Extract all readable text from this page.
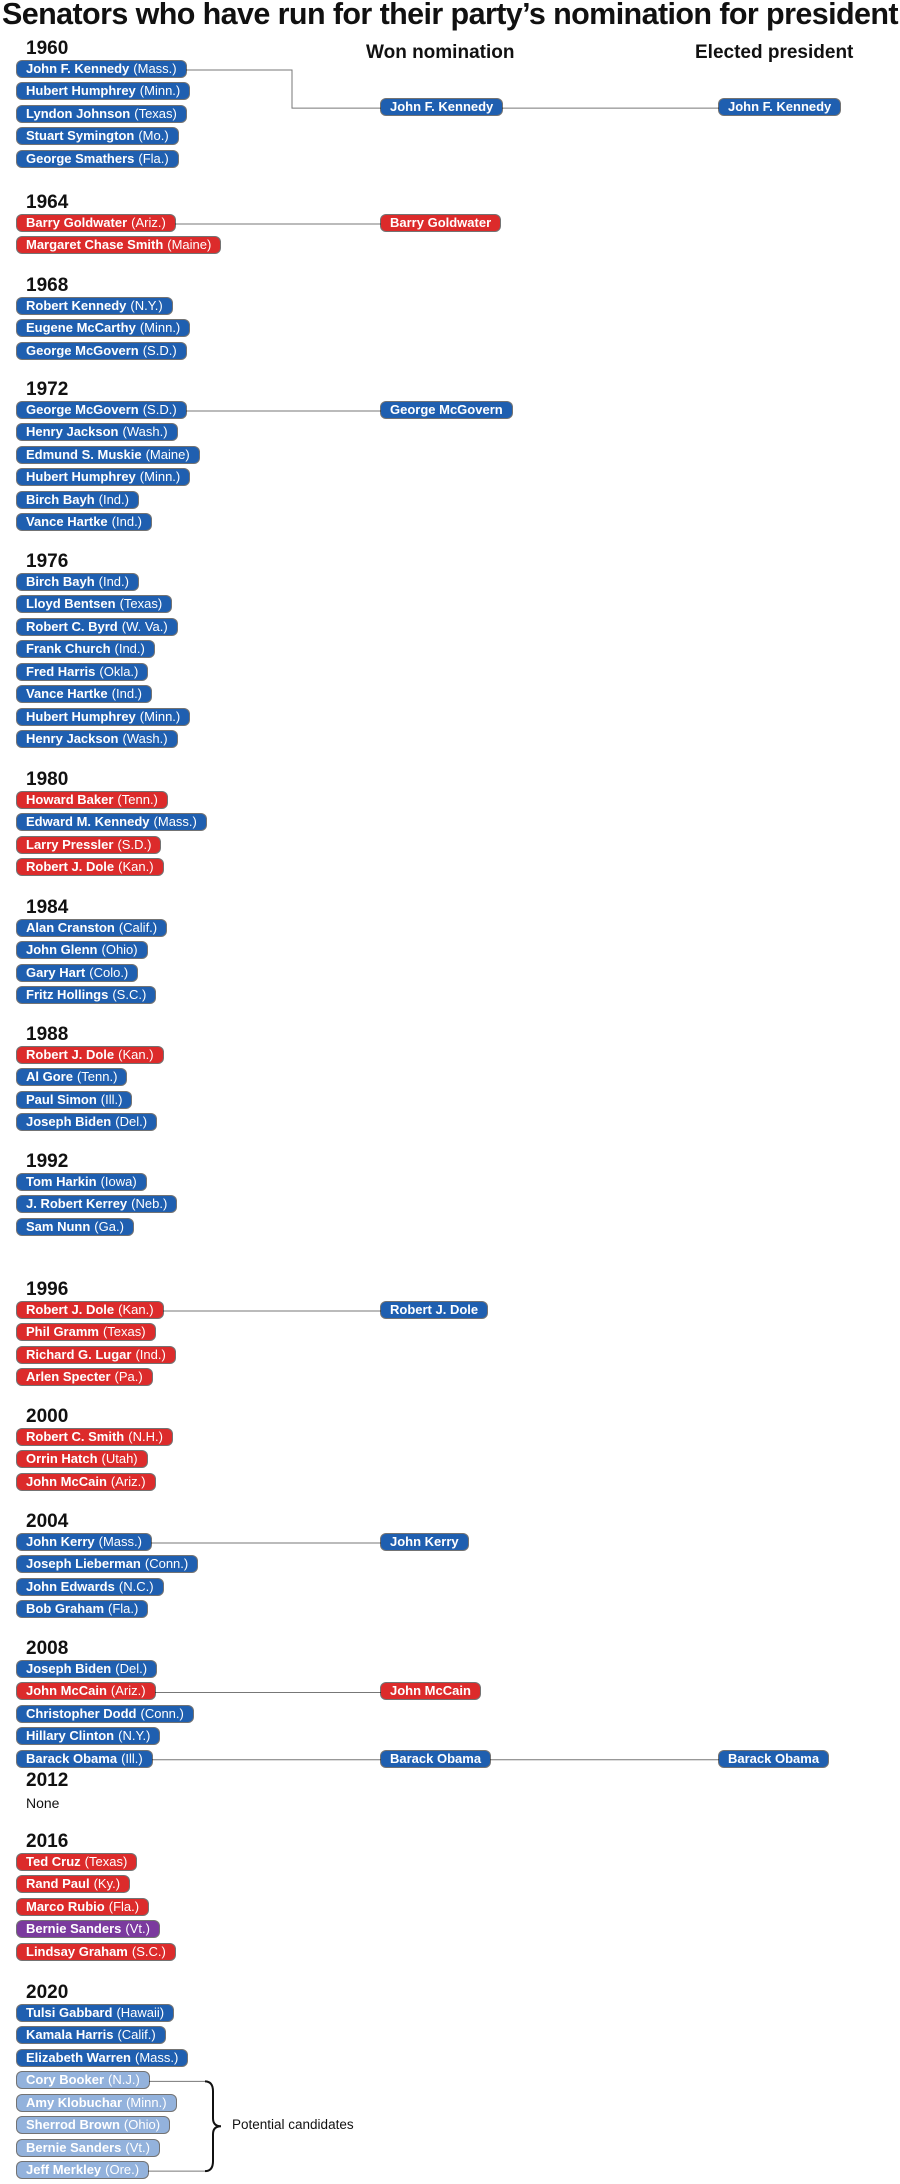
Senators who have run for their party’s nomination for president
Won nomination	Elected president
1960
John F. Kennedy (Mass.)
Hubert Humphrey (Minn.)
Lyndon Johnson (Texas)
Stuart Symington (Mo.)
George Smathers (Fla.)
John F. Kennedy	John F. Kennedy
1964
Barry Goldwater (Ariz.)
Margaret Chase Smith (Maine)
Barry Goldwater
1968
Robert Kennedy (N.Y.)
Eugene McCarthy (Minn.)
George McGovern (S.D.)
1972
George McGovern (S.D.)
Henry Jackson (Wash.)
Edmund S. Muskie (Maine)
Hubert Humphrey (Minn.)
Birch Bayh (Ind.)
Vance Hartke (Ind.)
George McGovern
1976
Birch Bayh (Ind.)
Lloyd Bentsen (Texas)
Robert C. Byrd (W. Va.)
Frank Church (Ind.)
Fred Harris (Okla.)
Vance Hartke (Ind.)
Hubert Humphrey (Minn.)
Henry Jackson (Wash.)
1980
Howard Baker (Tenn.)
Edward M. Kennedy (Mass.)
Larry Pressler (S.D.)
Robert J. Dole (Kan.)
1984
Alan Cranston (Calif.)
John Glenn (Ohio)
Gary Hart (Colo.)
Fritz Hollings (S.C.)
1988
Robert J. Dole (Kan.)
Al Gore (Tenn.)
Paul Simon (Ill.)
Joseph Biden (Del.)
1992
Tom Harkin (Iowa)
J. Robert Kerrey (Neb.)
Sam Nunn (Ga.)
1996
Robert J. Dole (Kan.)
Phil Gramm (Texas)
Richard G. Lugar (Ind.)
Arlen Specter (Pa.)
Robert J. Dole
2000
Robert C. Smith (N.H.)
Orrin Hatch (Utah)
John McCain (Ariz.)
2004
John Kerry (Mass.)
Joseph Lieberman (Conn.)
John Edwards (N.C.)
Bob Graham (Fla.)
John Kerry
2008
Joseph Biden (Del.)
John McCain (Ariz.)
Christopher Dodd (Conn.)
Hillary Clinton (N.Y.)
Barack Obama (Ill.)
John McCain
Barack Obama	Barack Obama
2012
None
2016
Ted Cruz (Texas)
Rand Paul (Ky.)
Marco Rubio (Fla.)
Bernie Sanders (Vt.)
Lindsay Graham (S.C.)
2020
Tulsi Gabbard (Hawaii)
Kamala Harris (Calif.)
Elizabeth Warren (Mass.)
Cory Booker (N.J.)
Amy Klobuchar (Minn.)
Sherrod Brown (Ohio)
Bernie Sanders (Vt.)
Jeff Merkley (Ore.)
Potential candidates
